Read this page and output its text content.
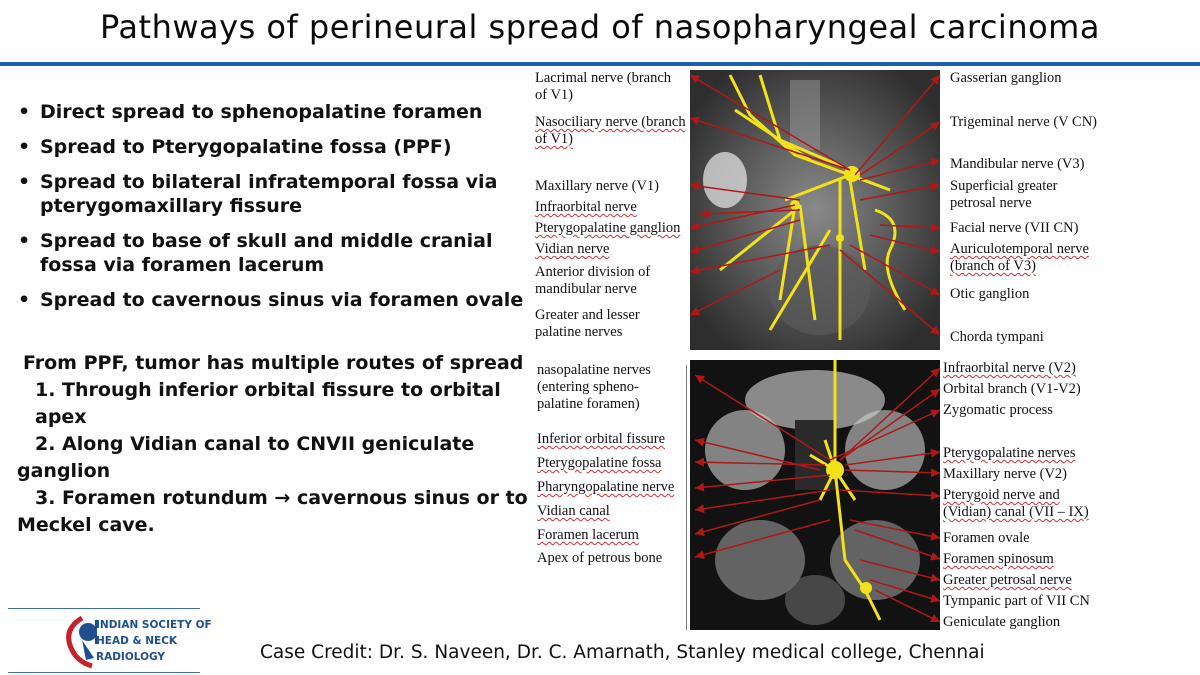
Pathways of perineural spread of nasopharyngeal carcinoma
• Direct spread to sphenopalatine foramen
• Spread to Pterygopalatine fossa (PPF)
• Spread to bilateral infratemporal fossa via pterygomaxillary fissure
• Spread to base of skull and middle cranial fossa via foramen lacerum
• Spread to cavernous sinus via foramen ovale
From PPF, tumor has multiple routes of spread
1. Through inferior orbital fissure to orbital apex
2. Along Vidian canal to CNVII geniculate ganglion
3. Foramen rotundum → cavernous sinus or to Meckel cave.
Lacrimal nerve (branch of V1)
Nasociliary nerve (branch of V1)
Maxillary nerve (V1)
Infraorbital nerve
Pterygopalatine ganglion
Vidian nerve
Anterior division of mandibular nerve
Greater and lesser palatine nerves
Gasserian ganglion
Trigeminal nerve (V CN)
Mandibular nerve (V3)
Superficial greater petrosal nerve
Facial nerve (VII CN)
Auriculotemporal nerve (branch of V3)
Otic ganglion
Chorda tympani
nasopalatine nerves (entering spheno-palatine foramen)
Inferior orbital fissure
Pterygopalatine fossa
Pharyngopalatine nerve
Vidian canal
Foramen lacerum
Apex of petrous bone
Infraorbital nerve (V2)
Orbital branch (V1-V2)
Zygomatic process
Pterygopalatine nerves
Maxillary nerve (V2)
Pterygoid nerve and (Vidian) canal (VII – IX)
Foramen ovale
Foramen spinosum
Greater petrosal nerve
Tympanic part of VII CN
Geniculate ganglion
INDIAN SOCIETY OF
HEAD & NECK
RADIOLOGY	Case Credit: Dr. S. Naveen, Dr. C. Amarnath, Stanley medical college, Chennai
